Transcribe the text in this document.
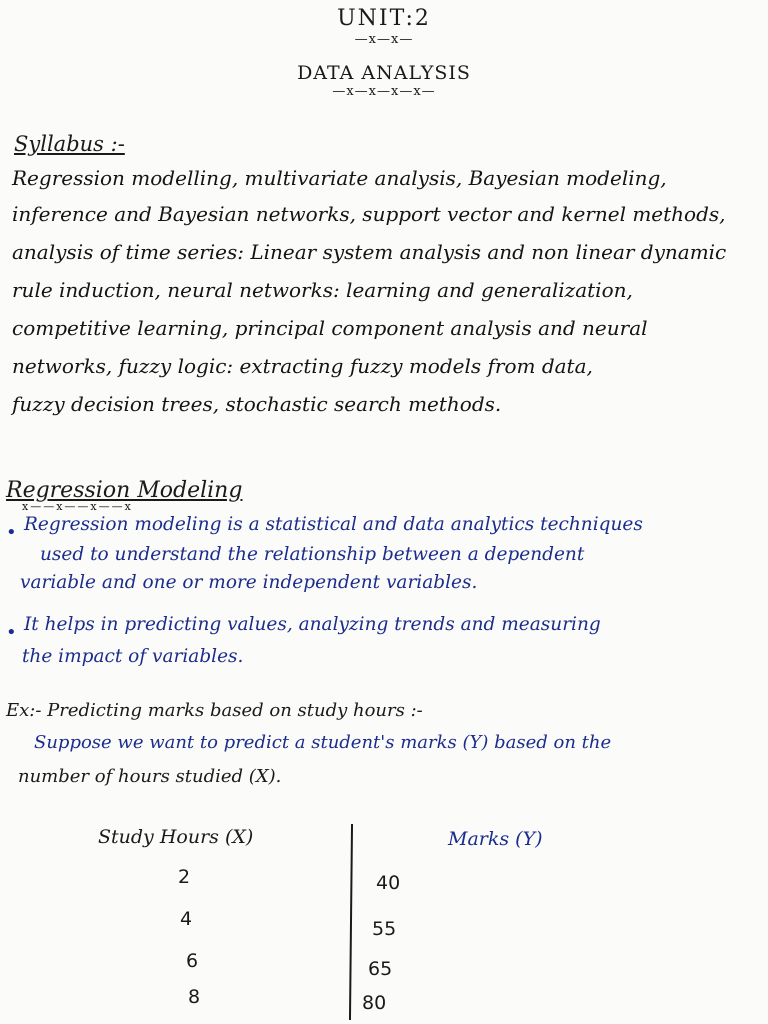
UNIT:2
—x—x—
DATA ANALYSIS
—x—x—x—x—
Syllabus :-
Regression modelling, multivariate analysis, Bayesian modeling,
inference and Bayesian networks, support vector and kernel methods,
analysis of time series: Linear system analysis and non linear dynamic
rule induction, neural networks: learning and generalization,
competitive learning, principal component analysis and neural
networks, fuzzy logic: extracting fuzzy models from data,
fuzzy decision trees, stochastic search methods.
Regression Modeling
x——x——x——x
• Regression modeling is a statistical and data analytics techniques
used to understand the relationship between a dependent
variable and one or more independent variables.
• It helps in predicting values, analyzing trends and measuring
the impact of variables.
Ex:- Predicting marks based on study hours :-
Suppose we want to predict a student's marks (Y) based on the
number of hours studied (X).
Study Hours (X)	Marks (Y)
2	40
4	55
6	65
8	80
